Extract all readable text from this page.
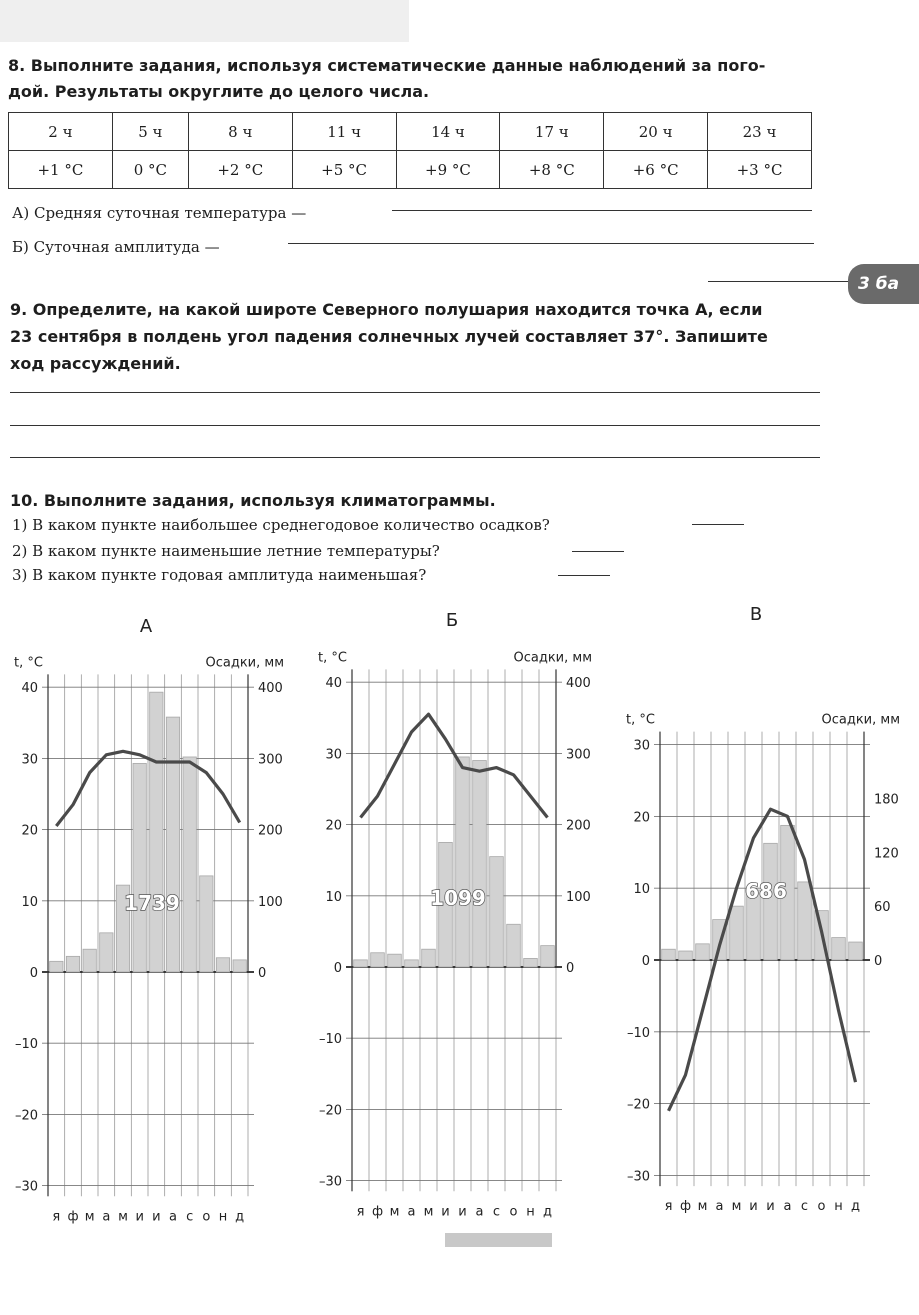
8. Выполните задания, используя систематические данные наблюдений за пого-
дой. Результаты округлите до целого числа.
2 ч	5 ч	8 ч	11 ч	14 ч	17 ч	20 ч	23 ч
+1 °С	0 °С	+2 °С	+5 °С	+9 °С	+8 °С	+6 °С	+3 °С
А) Средняя суточная температура —
Б) Суточная амплитуда —
3 ба
9. Определите, на какой широте Северного полушария находится точка А, если
23 сентября в полдень угол падения солнечных лучей составляет 37°. Запишите
ход рассуждений.
10. Выполните задания, используя климатограммы.
1) В каком пункте наибольшее среднегодовое количество осадков?
2) В каком пункте наименьшие летние температуры?
3) В каком пункте годовая амплитуда наименьшая?
А
t, °С	Осадки, мм
40
30
20
10
0
–10
–20
–30
400
300
200
100
0
1739
я ф м а м и и а с о н д
Б
t, °С	Осадки, мм
40
30
20
10
0
–10
–20
–30
400
300
200
100
0
1099
я ф м а м и и а с о н д
В
t, °С	Осадки, мм
30
20
10
0
–10
–20
–30
180
120
60
0
686
я ф м а м и и а с о н д
